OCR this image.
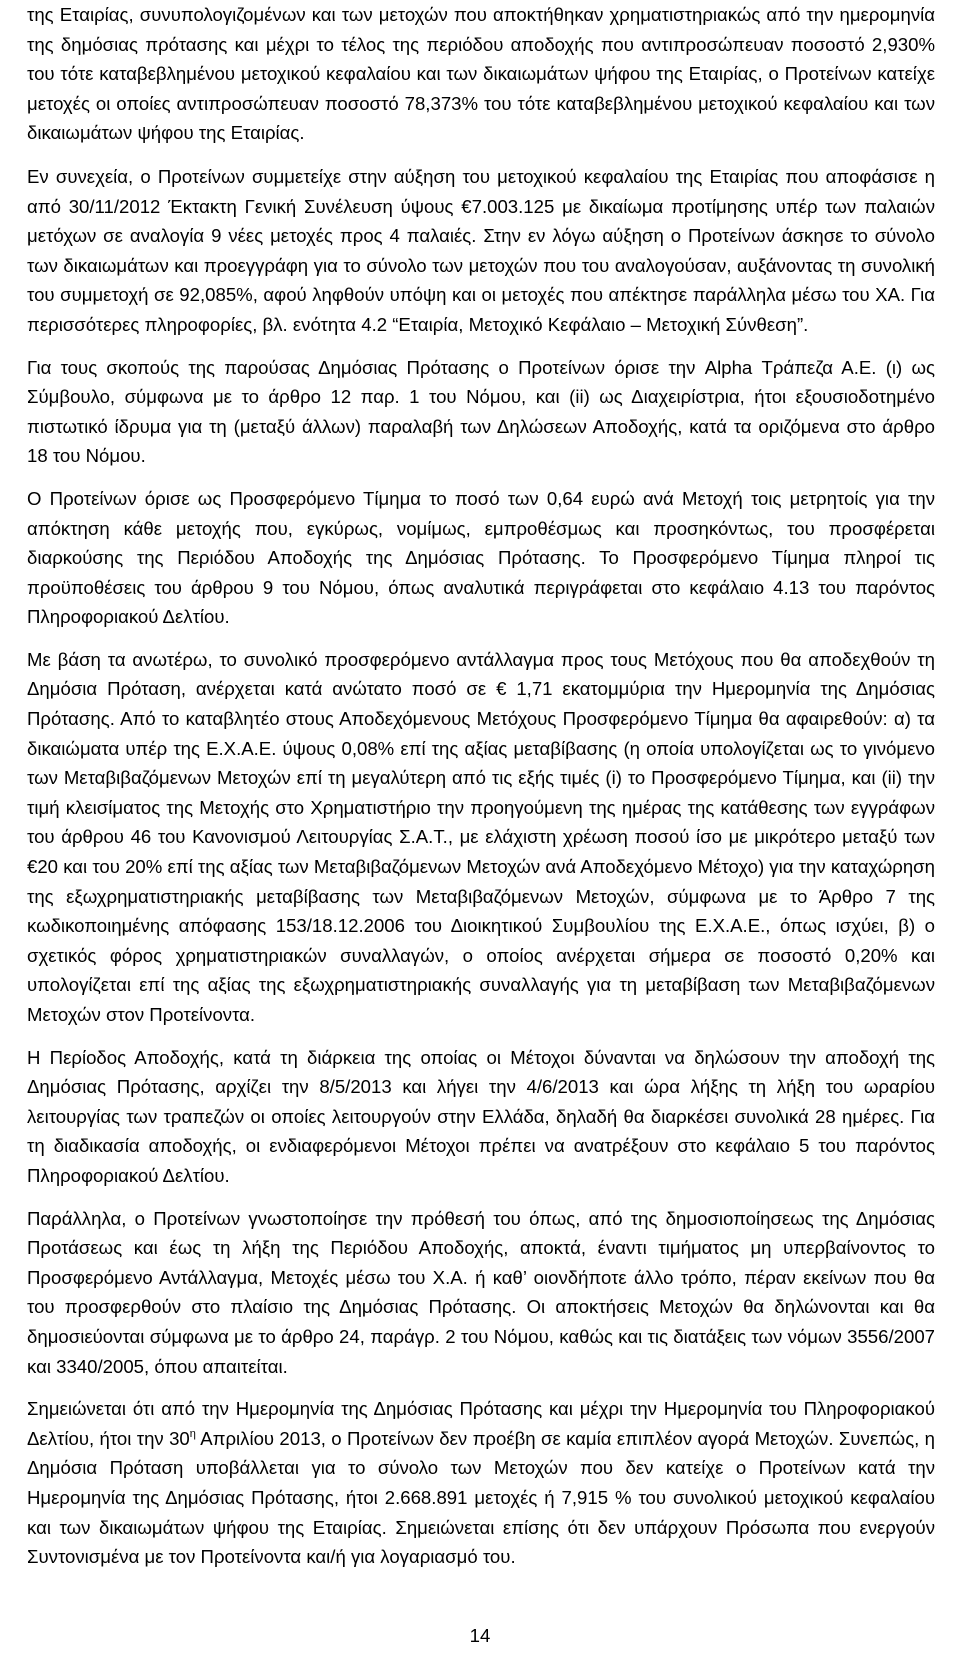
της Εταιρίας, συνυπολογιζομένων και των μετοχών που αποκτήθηκαν χρηματιστηριακώς από την ημερομηνία της δημόσιας πρότασης και μέχρι το τέλος της περιόδου αποδοχής που αντιπροσώπευαν ποσοστό 2,930% του τότε καταβεβλημένου μετοχικού κεφαλαίου και των δικαιωμάτων ψήφου της Εταιρίας, ο Προτείνων κατείχε μετοχές οι οποίες αντιπροσώπευαν ποσοστό 78,373% του τότε καταβεβλημένου μετοχικού κεφαλαίου και των δικαιωμάτων ψήφου της Εταιρίας.

Εν συνεχεία, ο Προτείνων συμμετείχε στην αύξηση του μετοχικού κεφαλαίου της Εταιρίας που αποφάσισε η από 30/11/2012 Έκτακτη Γενική Συνέλευση ύψους €7.003.125 με δικαίωμα προτίμησης υπέρ των παλαιών μετόχων σε αναλογία 9 νέες μετοχές προς 4 παλαιές. Στην εν λόγω αύξηση ο Προτείνων άσκησε το σύνολο των δικαιωμάτων και προεγγράφη για το σύνολο των μετοχών που του αναλογούσαν, αυξάνοντας τη συνολική του συμμετοχή σε 92,085%, αφού ληφθούν υπόψη και οι μετοχές που απέκτησε παράλληλα μέσω του ΧΑ. Για περισσότερες πληροφορίες, βλ. ενότητα 4.2 “Εταιρία, Μετοχικό Κεφάλαιο – Μετοχική Σύνθεση”.

Για τους σκοπούς της παρούσας Δημόσιας Πρότασης ο Προτείνων όρισε την Alpha Τράπεζα Α.Ε. (ι) ως Σύμβουλο, σύμφωνα με το άρθρο 12 παρ. 1 του Νόμου, και (ii) ως Διαχειρίστρια, ήτοι εξουσιοδοτημένο πιστωτικό ίδρυμα για τη (μεταξύ άλλων) παραλαβή των Δηλώσεων Αποδοχής, κατά τα οριζόμενα στο άρθρο 18 του Νόμου.

Ο Προτείνων όρισε ως Προσφερόμενο Τίμημα το ποσό των 0,64 ευρώ ανά Μετοχή τοις μετρητοίς για την απόκτηση κάθε μετοχής που, εγκύρως, νομίμως, εμπροθέσμως και προσηκόντως, του προσφέρεται διαρκούσης της Περιόδου Αποδοχής της Δημόσιας Πρότασης. Το Προσφερόμενο Τίμημα πληροί τις προϋποθέσεις του άρθρου 9 του Νόμου, όπως αναλυτικά περιγράφεται στο κεφάλαιο 4.13 του παρόντος Πληροφοριακού Δελτίου.

Με βάση τα ανωτέρω, το συνολικό προσφερόμενο αντάλλαγμα προς τους Μετόχους που θα αποδεχθούν τη Δημόσια Πρόταση, ανέρχεται κατά ανώτατο ποσό σε € 1,71 εκατομμύρια την Ημερομηνία της Δημόσιας Πρότασης. Από το καταβλητέο στους Αποδεχόμενους Μετόχους Προσφερόμενο Τίμημα θα αφαιρεθούν: α) τα δικαιώματα υπέρ της Ε.Χ.Α.Ε. ύψους 0,08% επί της αξίας μεταβίβασης (η οποία υπολογίζεται ως το γινόμενο των Μεταβιβαζόμενων Μετοχών επί τη μεγαλύτερη από τις εξής τιμές (i) το Προσφερόμενο Τίμημα, και (ii) την τιμή κλεισίματος της Μετοχής στο Χρηματιστήριο την προηγούμενη της ημέρας της κατάθεσης των εγγράφων του άρθρου 46 του Κανονισμού Λειτουργίας Σ.Α.Τ., με ελάχιστη χρέωση ποσού ίσο με μικρότερο μεταξύ των €20 και του 20% επί της αξίας των Μεταβιβαζόμενων Μετοχών ανά Αποδεχόμενο Μέτοχο) για την καταχώρηση της εξωχρηματιστηριακής μεταβίβασης των Μεταβιβαζόμενων Μετοχών, σύμφωνα με το Άρθρο 7 της κωδικοποιημένης απόφασης 153/18.12.2006 του Διοικητικού Συμβουλίου της Ε.Χ.Α.Ε., όπως ισχύει, β) ο σχετικός φόρος χρηματιστηριακών συναλλαγών, ο οποίος ανέρχεται σήμερα σε ποσοστό 0,20% και υπολογίζεται επί της αξίας της εξωχρηματιστηριακής συναλλαγής για τη μεταβίβαση των Μεταβιβαζόμενων Μετοχών στον Προτείνοντα.

Η Περίοδος Αποδοχής, κατά τη διάρκεια της οποίας οι Μέτοχοι δύνανται να δηλώσουν την αποδοχή της Δημόσιας Πρότασης, αρχίζει την 8/5/2013 και λήγει την 4/6/2013 και ώρα λήξης τη λήξη του ωραρίου λειτουργίας των τραπεζών οι οποίες λειτουργούν στην Ελλάδα, δηλαδή θα διαρκέσει συνολικά 28 ημέρες. Για τη διαδικασία αποδοχής, οι ενδιαφερόμενοι Μέτοχοι πρέπει να ανατρέξουν στο κεφάλαιο 5 του παρόντος Πληροφοριακού Δελτίου.

Παράλληλα, ο Προτείνων γνωστοποίησε την πρόθεσή του όπως, από της δημοσιοποίησεως της Δημόσιας Προτάσεως και έως τη λήξη της Περιόδου Αποδοχής, αποκτά, έναντι τιμήματος μη υπερβαίνοντος το Προσφερόμενο Αντάλλαγμα, Μετοχές μέσω του Χ.Α. ή καθ’ οιονδήποτε άλλο τρόπο, πέραν εκείνων που θα του προσφερθούν στο πλαίσιο της Δημόσιας Πρότασης. Οι αποκτήσεις Μετοχών θα δηλώνονται και θα δημοσιεύονται σύμφωνα με το άρθρο 24, παράγρ. 2 του Νόμου, καθώς και τις διατάξεις των νόμων 3556/2007 και 3340/2005, όπου απαιτείται.

Σημειώνεται ότι από την Ημερομηνία της Δημόσιας Πρότασης και μέχρι την Ημερομηνία του Πληροφοριακού Δελτίου, ήτοι την $30^\eta$ Απριλίου 2013, ο Προτείνων δεν προέβη σε καμία επιπλέον αγορά Μετοχών. Συνεπώς, η Δημόσια Πρόταση υποβάλλεται για το σύνολο των Μετοχών που δεν κατείχε ο Προτείνων κατά την Ημερομηνία της Δημόσιας Πρότασης, ήτοι 2.668.891 μετοχές ή 7,915 % του συνολικού μετοχικού κεφαλαίου και των δικαιωμάτων ψήφου της Εταιρίας. Σημειώνεται επίσης ότι δεν υπάρχουν Πρόσωπα που ενεργούν Συντονισμένα με τον Προτείνοντα και/ή για λογαριασμό του.

14
